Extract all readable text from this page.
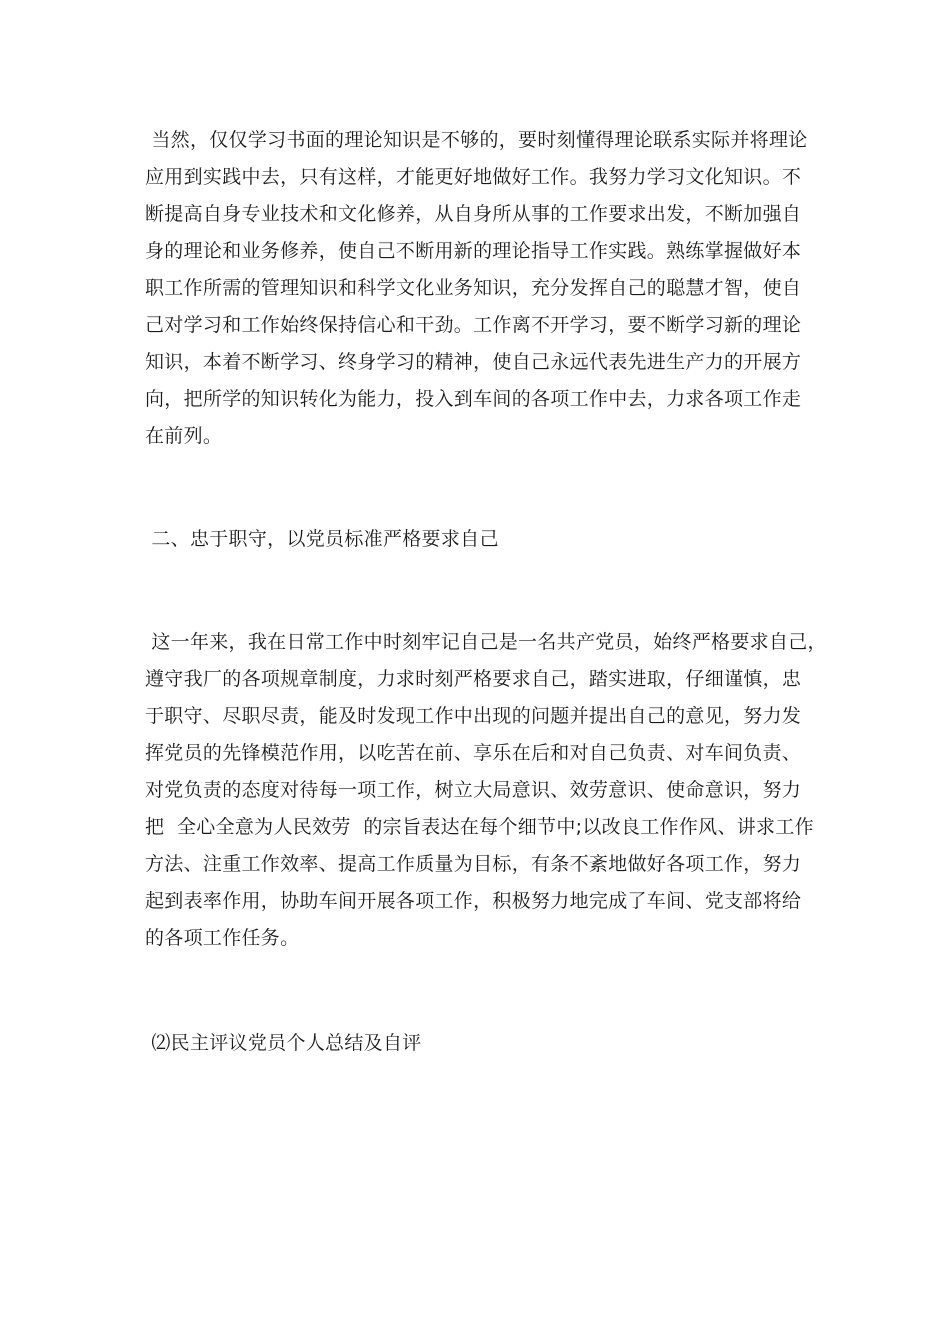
当然，仅仅学习书面的理论知识是不够的，要时刻懂得理论联系实际并将理论
应用到实践中去，只有这样，才能更好地做好工作。我努力学习文化知识。不
断提高自身专业技术和文化修养，从自身所从事的工作要求出发，不断加强自
身的理论和业务修养，使自己不断用新的理论指导工作实践。熟练掌握做好本
职工作所需的管理知识和科学文化业务知识，充分发挥自己的聪慧才智，使自
己对学习和工作始终保持信心和干劲。工作离不开学习，要不断学习新的理论
知识，本着不断学习、终身学习的精神，使自己永远代表先进生产力的开展方
向，把所学的知识转化为能力，投入到车间的各项工作中去，力求各项工作走
在前列。
二、忠于职守，以党员标准严格要求自己
这一年来，我在日常工作中时刻牢记自己是一名共产党员，始终严格要求自己，
遵守我厂的各项规章制度，力求时刻严格要求自己，踏实进取，仔细谨慎，忠
于职守、尽职尽责，能及时发现工作中出现的问题并提出自己的意见，努力发
挥党员的先锋模范作用，以吃苦在前、享乐在后和对自己负责、对车间负责、
对党负责的态度对待每一项工作，树立大局意识、效劳意识、使命意识，努力
把  全心全意为人民效劳  的宗旨表达在每个细节中;以改良工作作风、讲求工作
方法、注重工作效率、提高工作质量为目标，有条不紊地做好各项工作，努力
起到表率作用，协助车间开展各项工作，积极努力地完成了车间、党支部将给
的各项工作任务。
⑵民主评议党员个人总结及自评
